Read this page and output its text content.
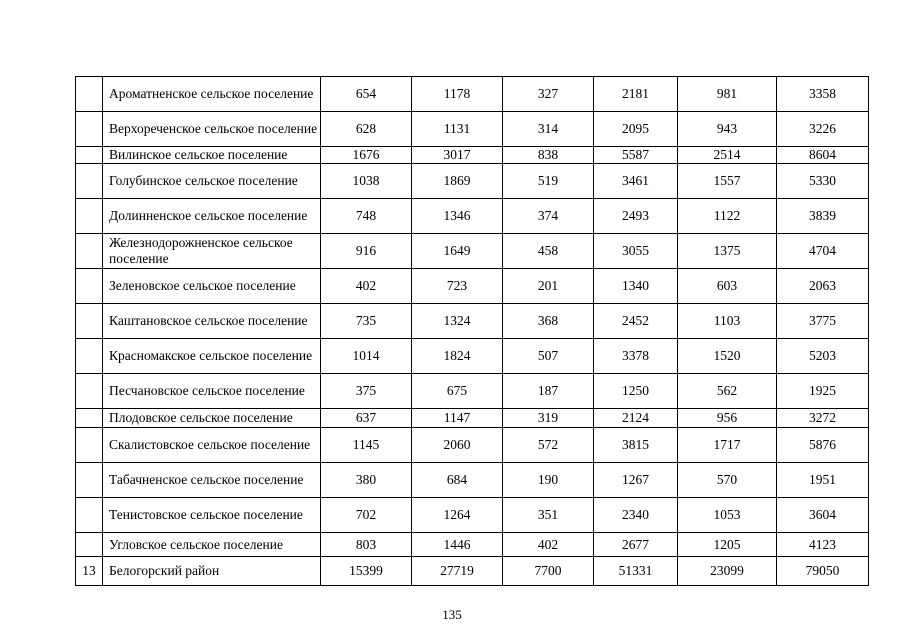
	Ароматненское сельское поселение	654	1178	327	2181	981	3358
	Верхореченское сельское поселение	628	1131	314	2095	943	3226
	Вилинское сельское поселение	1676	3017	838	5587	2514	8604
	Голубинское сельское поселение	1038	1869	519	3461	1557	5330
	Долинненское сельское поселение	748	1346	374	2493	1122	3839
	Железнодорожненское сельское поселение	916	1649	458	3055	1375	4704
	Зеленовское сельское поселение	402	723	201	1340	603	2063
	Каштановское сельское поселение	735	1324	368	2452	1103	3775
	Красномакское сельское поселение	1014	1824	507	3378	1520	5203
	Песчановское сельское поселение	375	675	187	1250	562	1925
	Плодовское сельское поселение	637	1147	319	2124	956	3272
	Скалистовское сельское поселение	1145	2060	572	3815	1717	5876
	Табачненское сельское поселение	380	684	190	1267	570	1951
	Тенистовское сельское поселение	702	1264	351	2340	1053	3604
	Угловское сельское поселение	803	1446	402	2677	1205	4123
13	Белогорский район	15399	27719	7700	51331	23099	79050
135
